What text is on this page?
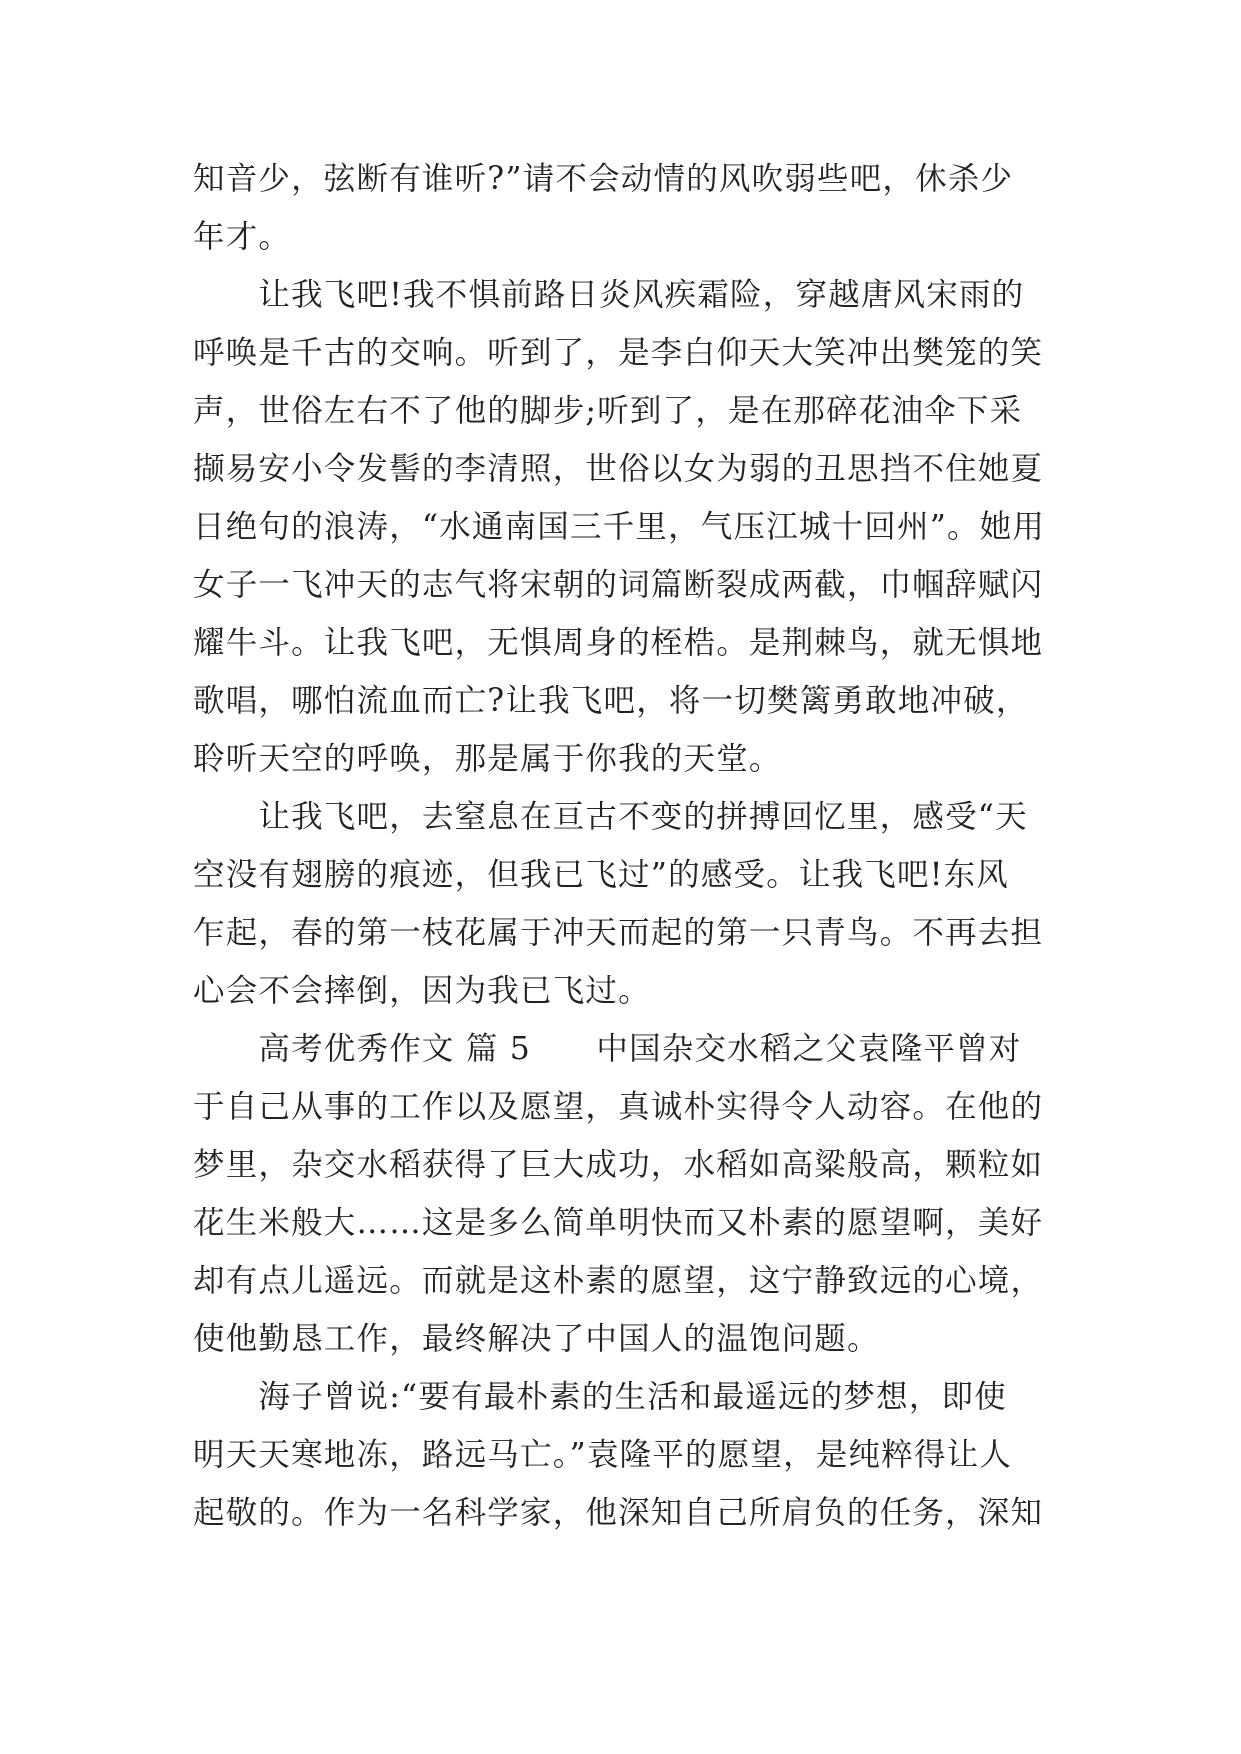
知音少，弦断有谁听?”请不会动情的风吹弱些吧，休杀少
年才。
　　让我飞吧!我不惧前路日炎风疾霜险，穿越唐风宋雨的
呼唤是千古的交响。听到了，是李白仰天大笑冲出樊笼的笑
声，世俗左右不了他的脚步;听到了，是在那碎花油伞下采
撷易安小令发髻的李清照，世俗以女为弱的丑思挡不住她夏
日绝句的浪涛，“水通南国三千里，气压江城十回州”。她用
女子一飞冲天的志气将宋朝的词篇断裂成两截，巾帼辞赋闪
耀牛斗。让我飞吧，无惧周身的桎梏。是荆棘鸟，就无惧地
歌唱，哪怕流血而亡?让我飞吧，将一切樊篱勇敢地冲破，
聆听天空的呼唤，那是属于你我的天堂。
　　让我飞吧，去窒息在亘古不变的拼搏回忆里，感受“天
空没有翅膀的痕迹，但我已飞过”的感受。让我飞吧!东风
乍起，春的第一枝花属于冲天而起的第一只青鸟。不再去担
心会不会摔倒，因为我已飞过。
　　高考优秀作文 篇 5　　中国杂交水稻之父袁隆平曾对
于自己从事的工作以及愿望，真诚朴实得令人动容。在他的
梦里，杂交水稻获得了巨大成功，水稻如高粱般高，颗粒如
花生米般大……这是多么简单明快而又朴素的愿望啊，美好
却有点儿遥远。而就是这朴素的愿望，这宁静致远的心境，
使他勤恳工作，最终解决了中国人的温饱问题。
　　海子曾说:“要有最朴素的生活和最遥远的梦想，即使
明天天寒地冻，路远马亡。”袁隆平的愿望，是纯粹得让人
起敬的。作为一名科学家，他深知自己所肩负的任务，深知
